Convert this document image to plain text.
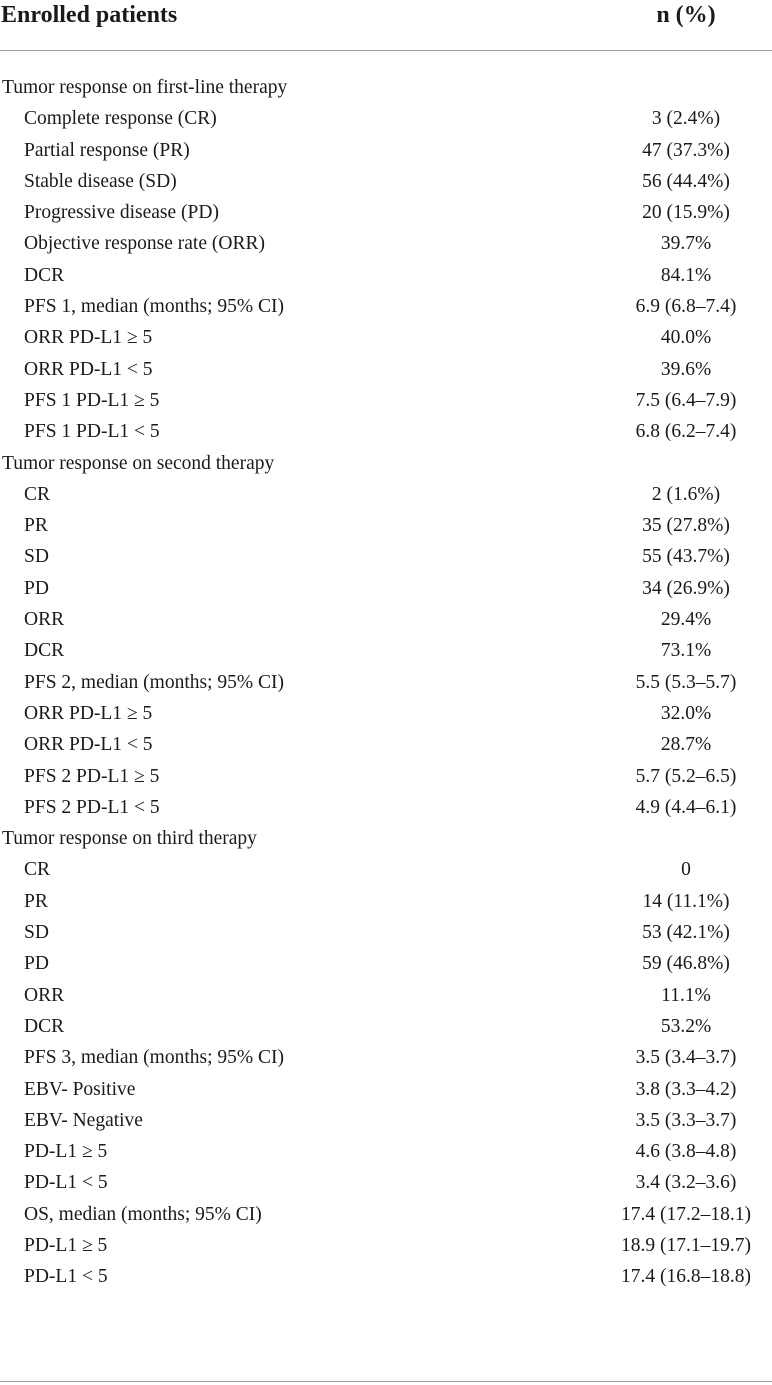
Enrolled patients	n (%)
Tumor response on first-line therapy
Complete response (CR)	3 (2.4%)
Partial response (PR)	47 (37.3%)
Stable disease (SD)	56 (44.4%)
Progressive disease (PD)	20 (15.9%)
Objective response rate (ORR)	39.7%
DCR	84.1%
PFS 1, median (months; 95% CI)	6.9 (6.8–7.4)
ORR PD-L1 ≥ 5	40.0%
ORR PD-L1 < 5	39.6%
PFS 1 PD-L1 ≥ 5	7.5 (6.4–7.9)
PFS 1 PD-L1 < 5	6.8 (6.2–7.4)
Tumor response on second therapy
CR	2 (1.6%)
PR	35 (27.8%)
SD	55 (43.7%)
PD	34 (26.9%)
ORR	29.4%
DCR	73.1%
PFS 2, median (months; 95% CI)	5.5 (5.3–5.7)
ORR PD-L1 ≥ 5	32.0%
ORR PD-L1 < 5	28.7%
PFS 2 PD-L1 ≥ 5	5.7 (5.2–6.5)
PFS 2 PD-L1 < 5	4.9 (4.4–6.1)
Tumor response on third therapy
CR	0
PR	14 (11.1%)
SD	53 (42.1%)
PD	59 (46.8%)
ORR	11.1%
DCR	53.2%
PFS 3, median (months; 95% CI)	3.5 (3.4–3.7)
EBV- Positive	3.8 (3.3–4.2)
EBV- Negative	3.5 (3.3–3.7)
PD-L1 ≥ 5	4.6 (3.8–4.8)
PD-L1 < 5	3.4 (3.2–3.6)
OS, median (months; 95% CI)	17.4 (17.2–18.1)
PD-L1 ≥ 5	18.9 (17.1–19.7)
PD-L1 < 5	17.4 (16.8–18.8)
